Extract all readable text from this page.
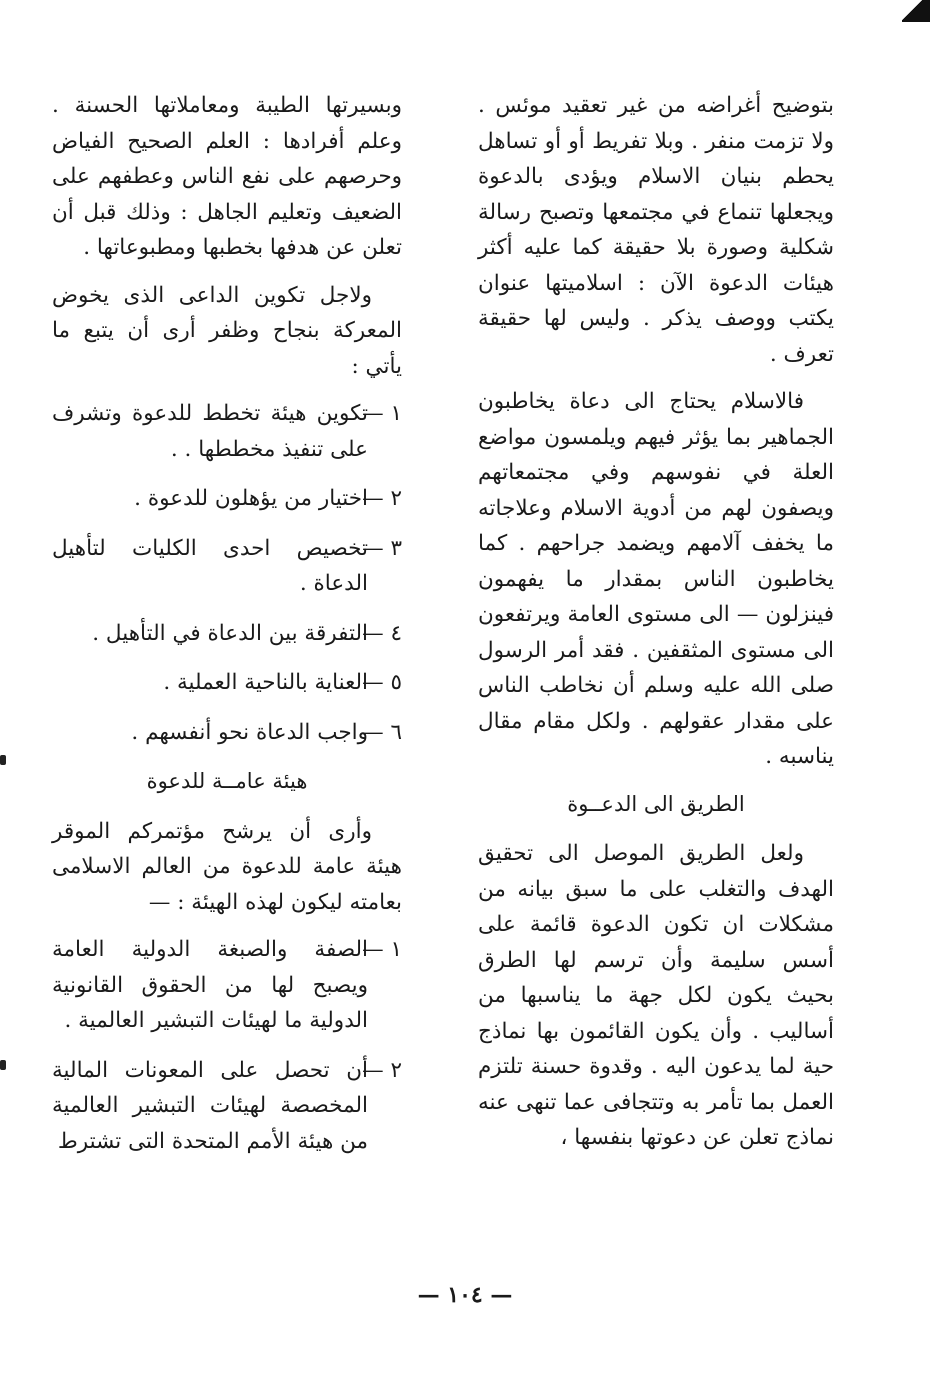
بتوضيح أغراضه من غير تعقيد موئس . ولا تزمت منفر . وبلا تفريط أو أو تساهل يحطم بنيان الاسلام ويؤدى بالدعوة ويجعلها تنماع في مجتمعها وتصبح رسالة شكلية وصورة بلا حقيقة كما عليه أكثر هيئات الدعوة الآن : اسلاميتها عنوان يكتب ووصف يذكر . وليس لها حقيقة تعرف .

فالاسلام يحتاج الى دعاة يخاطبون الجماهير بما يؤثر فيهم ويلمسون مواضع العلة في نفوسهم وفي مجتمعاتهم ويصفون لهم من أدوية الاسلام وعلاجاته ما يخفف آلامهم ويضمد جراحهم . كما يخاطبون الناس بمقدار ما يفهمون فينزلون — الى مستوى العامة ويرتفعون الى مستوى المثقفين . فقد أمر الرسول صلى الله عليه وسلم أن نخاطب الناس على مقدار عقولهم . ولكل مقام مقال يناسبه .

الطريق الى الدعــوة

ولعل الطريق الموصل الى تحقيق الهدف والتغلب على ما سبق بيانه من مشكلات ان تكون الدعوة قائمة على أسس سليمة وأن ترسم لها الطرق بحيث يكون لكل جهة ما يناسبها من أساليب . وأن يكون القائمون بها نماذج حية لما يدعون اليه . وقدوة حسنة تلتزم العمل بما تأمر به وتتجافى عما تنهى عنه نماذج تعلن عن دعوتها بنفسها ،

وبسيرتها الطيبة ومعاملاتها الحسنة . وعلم أفرادها : العلم الصحيح الفياض وحرصهم على نفع الناس وعطفهم على الضعيف وتعليم الجاهل : وذلك قبل أن تعلن عن هدفها بخطبها ومطبوعاتها .

ولاجل تكوين الداعى الذى يخوض المعركة بنجاح وظفر أرى أن يتبع ما يأتي :

١ —
تكوين هيئة تخطط للدعوة وتشرف على تنفيذ مخططها . .
٢ —
اختيار من يؤهلون للدعوة .
٣ —
تخصيص احدى الكليات لتأهيل الدعاة .
٤ —
التفرقة بين الدعاة في التأهيل .
٥ —
العناية بالناحية العملية .
٦ —
واجب الدعاة نحو أنفسهم .
هيئة عامــة للدعوة

وأرى أن يرشح مؤتمركم الموقر هيئة عامة للدعوة من العالم الاسلامى بعامته ليكون لهذه الهيئة : —

١ —
الصفة والصبغة الدولية العامة ويصبح لها من الحقوق القانونية الدولية ما لهيئات التبشير العالمية .
٢ —
أن تحصل على المعونات المالية المخصصة لهيئات التبشير العالمية من هيئة الأمم المتحدة التى تشترط
— ١٠٤ —
